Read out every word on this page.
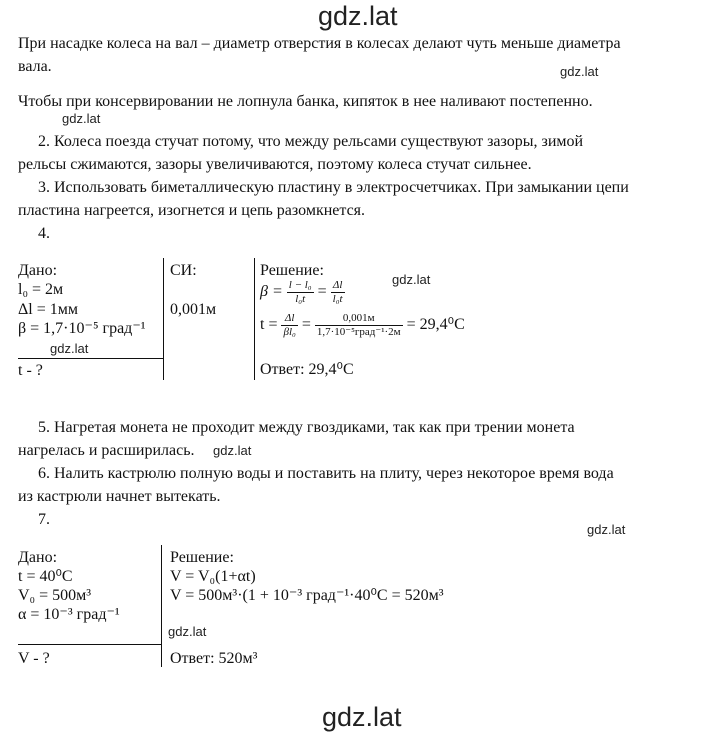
gdz.lat
При насадке колеса на вал – диаметр отверстия в колесах делают чуть меньше диаметра
вала.	gdz.lat
Чтобы при консервировании не лопнула банка, кипяток в нее наливают постепенно.
gdz.lat
2. Колеса поезда стучат потому, что между рельсами существуют зазоры, зимой
рельсы сжимаются, зазоры увеличиваются, поэтому колеса стучат сильнее.
3. Использовать биметаллическую пластину в электросчетчиках. При замыкании цепи
пластина нагреется, изогнется и цепь разомкнется.
4.
Дано:
l₀ = 2м
Δl = 1мм
β = 1,7·10⁻⁵ град⁻¹
gdz.lat
t - ?
СИ:
0,001м
Решение:
gdz.lat
$\beta = \frac{\text{l − l₀}}{\text{l₀t}} = \frac{\Delta l}{\text{l₀t}}$
$t = \frac{\Delta l}{\text{βl₀}} = \frac{0,001м}{\text{1,7·10⁻⁵град⁻¹·2м}} = 29,4^0C$
Ответ: 29,4⁰C
5. Нагретая монета не проходит между гвоздиками, так как при трении монета
нагрелась и расширилась. gdz.lat
6. Налить кастрюлю полную воды и поставить на плиту, через некоторое время вода
из кастрюли начнет вытекать.
7.
gdz.lat
Дано:
t = 40⁰C
V₀ = 500м³
α = 10⁻³ град⁻¹
V - ?
Решение:
V = V₀(1+αt)
V = 500м³·(1 + 10⁻³ град⁻¹·40⁰C = 520м³
gdz.lat
Ответ: 520м³
gdz.lat
